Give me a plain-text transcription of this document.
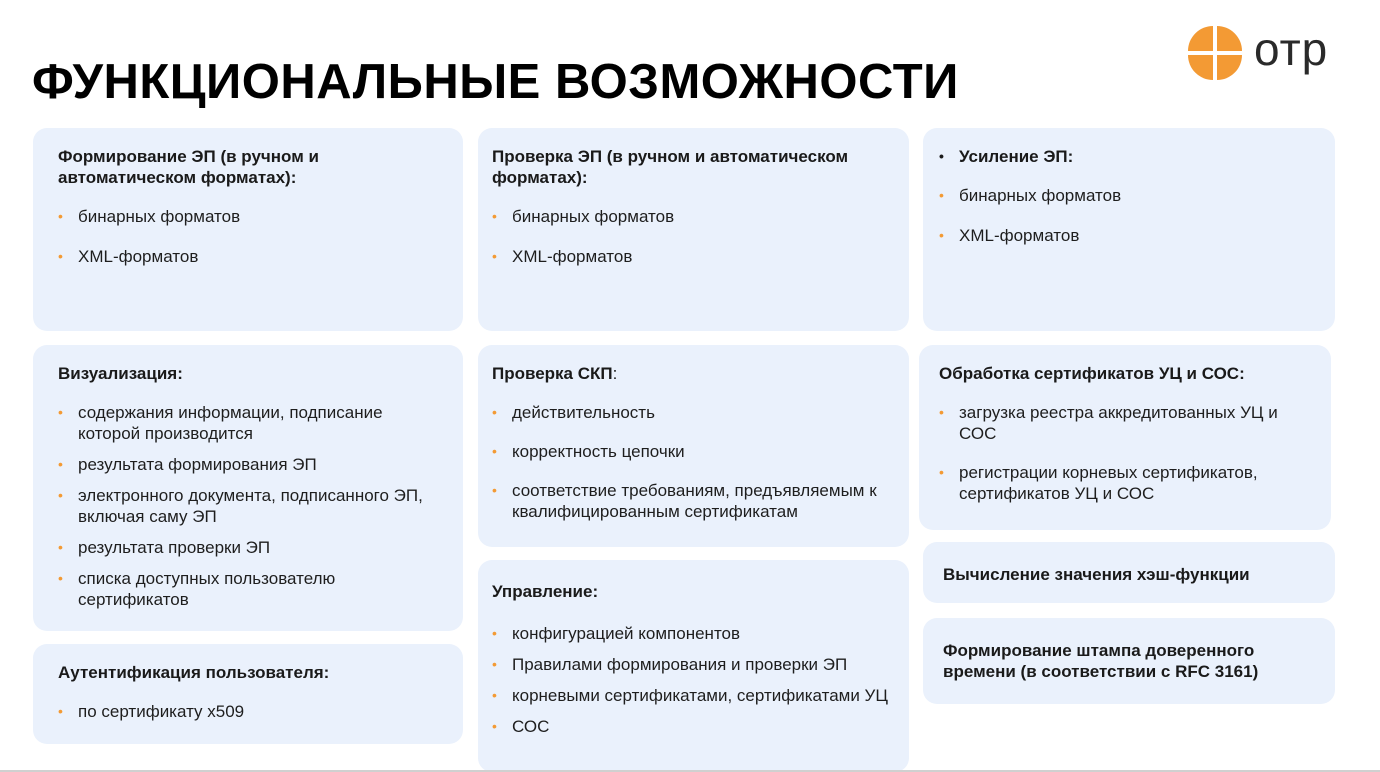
ФУНКЦИОНАЛЬНЫЕ ВОЗМОЖНОСТИ
отр
Формирование ЭП (в ручном и автоматическом форматах):
• бинарных форматов
• XML-форматов
Проверка ЭП (в ручном и автоматическом форматах):
• бинарных форматов
• XML-форматов
• Усиление ЭП:
• бинарных форматов
• XML-форматов
Визуализация:
• содержания информации, подписание которой производится
• результата формирования ЭП
• электронного документа, подписанного ЭП, включая саму ЭП
• результата проверки ЭП
• списка доступных пользователю сертификатов
Проверка СКП:
• действительность
• корректность цепочки
• соответствие требованиям, предъявляемым к квалифицированным сертификатам
Обработка сертификатов УЦ и СОС:
• загрузка реестра аккредитованных УЦ и СОС
• регистрации корневых сертификатов, сертификатов УЦ и СОС
Вычисление значения хэш-функции
Аутентификация пользователя:
• по сертификату x509
Управление:
• конфигурацией компонентов
• Правилами формирования и проверки ЭП
• корневыми сертификатами, сертификатами УЦ
• СОС
Формирование штампа доверенного времени (в соответствии с RFC 3161)
